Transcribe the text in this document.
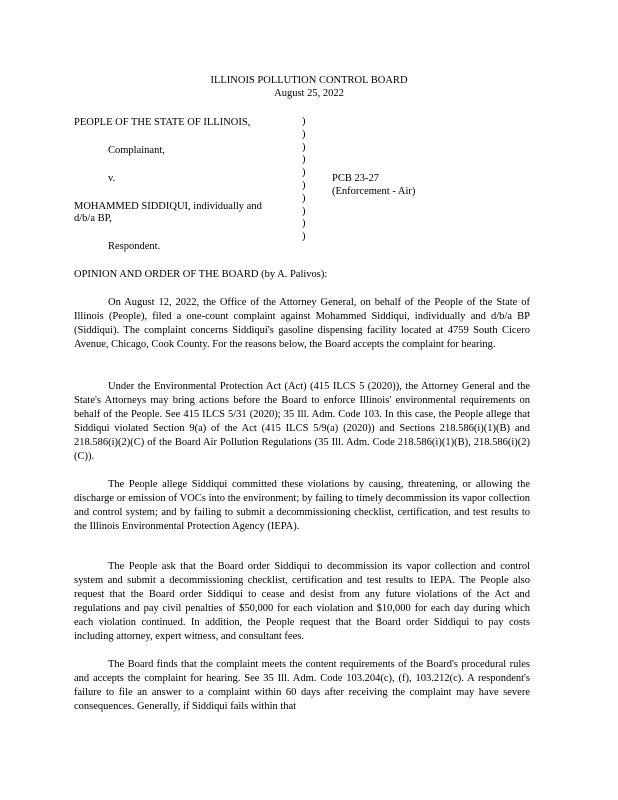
ILLINOIS POLLUTION CONTROL BOARD
August 25, 2022
PEOPLE OF THE STATE OF ILLINOIS,
Complainant,
v.
MOHAMMED SIDDIQUI, individually and
d/b/a BP,
Respondent.
)
)
)
)
)
)
)
)
)
)
PCB 23-27
(Enforcement - Air)
OPINION AND ORDER OF THE BOARD (by A. Palivos):
On August 12, 2022, the Office of the Attorney General, on behalf of the People of the State of Illinois (People), filed a one-count complaint against Mohammed Siddiqui, individually and d/b/a BP (Siddiqui). The complaint concerns Siddiqui's gasoline dispensing facility located at 4759 South Cicero Avenue, Chicago, Cook County. For the reasons below, the Board accepts the complaint for hearing.
Under the Environmental Protection Act (Act) (415 ILCS 5 (2020)), the Attorney General and the State's Attorneys may bring actions before the Board to enforce Illinois' environmental requirements on behalf of the People. See 415 ILCS 5/31 (2020); 35 Ill. Adm. Code 103. In this case, the People allege that Siddiqui violated Section 9(a) of the Act (415 ILCS 5/9(a) (2020)) and Sections 218.586(i)(1)(B) and 218.586(i)(2)(C) of the Board Air Pollution Regulations (35 Ill. Adm. Code 218.586(i)(1)(B), 218.586(i)(2)(C)).
The People allege Siddiqui committed these violations by causing, threatening, or allowing the discharge or emission of VOCs into the environment; by failing to timely decommission its vapor collection and control system; and by failing to submit a decommissioning checklist, certification, and test results to the Illinois Environmental Protection Agency (IEPA).
The People ask that the Board order Siddiqui to decommission its vapor collection and control system and submit a decommissioning checklist, certification and test results to IEPA. The People also request that the Board order Siddiqui to cease and desist from any future violations of the Act and regulations and pay civil penalties of $50,000 for each violation and $10,000 for each day during which each violation continued. In addition, the People request that the Board order Siddiqui to pay costs including attorney, expert witness, and consultant fees.
The Board finds that the complaint meets the content requirements of the Board's procedural rules and accepts the complaint for hearing. See 35 Ill. Adm. Code 103.204(c), (f), 103.212(c). A respondent's failure to file an answer to a complaint within 60 days after receiving the complaint may have severe consequences. Generally, if Siddiqui fails within that
